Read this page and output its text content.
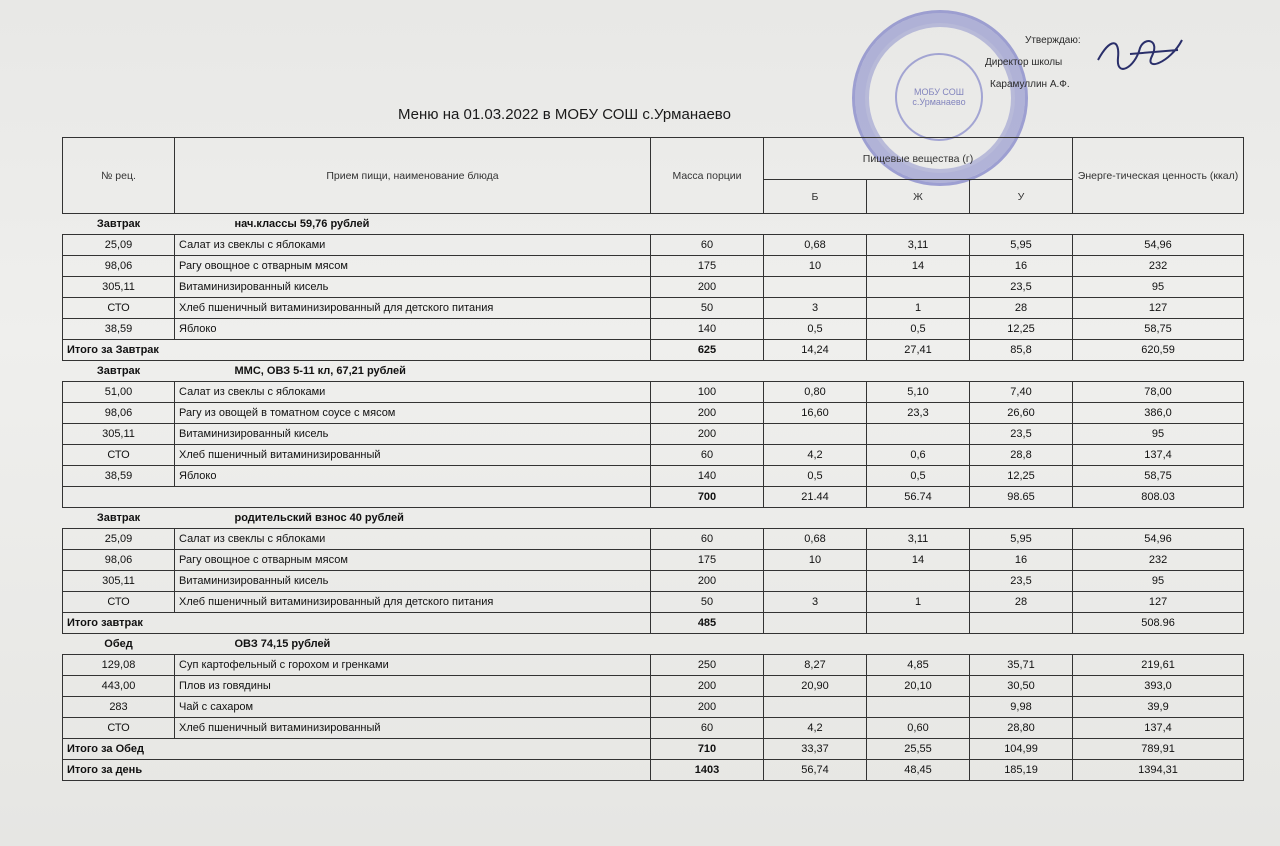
МОБУ СОШ с.Урманаево
Утверждаю:
Директор школы
Карамуллин А.Ф.
Меню на 01.03.2022 в МОБУ СОШ с.Урманаево
№ рец.	Прием пищи, наименование блюда	Масса порции	Пищевые вещества (г)			Энерге-тическая ценность (ккал)
			Б	Ж	У	
Завтрак	нач.классы 59,76 рублей					
25,09	Салат из свеклы с яблоками	60	0,68	3,11	5,95	54,96
98,06	Рагу овощное с отварным мясом	175	10	14	16	232
305,11	Витаминизированный кисель	200			23,5	95
СТО	Хлеб пшеничный витаминизированный для детского питания	50	3	1	28	127
38,59	Яблоко	140	0,5	0,5	12,25	58,75
Итого за Завтрак		625	14,24	27,41	85,8	620,59
Завтрак	ММС, ОВЗ 5-11 кл, 67,21 рублей					
51,00	Салат из свеклы с яблоками	100	0,80	5,10	7,40	78,00
98,06	Рагу из овощей в томатном соусе с мясом	200	16,60	23,3	26,60	386,0
305,11	Витаминизированный кисель	200			23,5	95
СТО	Хлеб пшеничный витаминизированный	60	4,2	0,6	28,8	137,4
38,59	Яблоко	140	0,5	0,5	12,25	58,75
		700	21.44	56.74	98.65	808.03
Завтрак	родительский взнос 40 рублей					
25,09	Салат из свеклы с яблоками	60	0,68	3,11	5,95	54,96
98,06	Рагу овощное с отварным мясом	175	10	14	16	232
305,11	Витаминизированный кисель	200			23,5	95
СТО	Хлеб пшеничный витаминизированный для детского питания	50	3	1	28	127
Итого завтрак		485				508.96
Обед	ОВЗ 74,15 рублей					
129,08	Суп картофельный с горохом и гренками	250	8,27	4,85	35,71	219,61
443,00	Плов из говядины	200	20,90	20,10	30,50	393,0
283	Чай с сахаром	200			9,98	39,9
СТО	Хлеб пшеничный витаминизированный	60	4,2	0,60	28,80	137,4
Итого за Обед		710	33,37	25,55	104,99	789,91
Итого за день		1403	56,74	48,45	185,19	1394,31
